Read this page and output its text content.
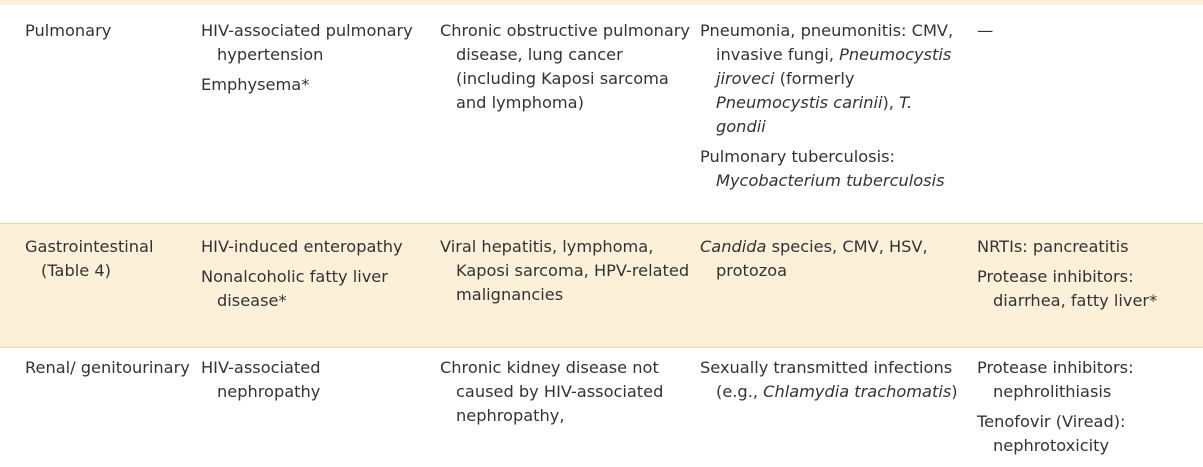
Pulmonary	HIV-associated pulmonary hypertension
Emphysema*
Chronic obstructive pulmonary disease, lung cancer (including Kaposi sarcoma and lymphoma)
Pneumonia, pneumonitis: CMV, invasive fungi, Pneumocystis jiroveci (formerly Pneumocystis carinii), T. gondii
Pulmonary tuberculosis: Mycobacterium tuberculosis
—
Gastrointestinal (Table 4)
HIV-induced enteropathy
Nonalcoholic fatty liver disease*
Viral hepatitis, lymphoma, Kaposi sarcoma, HPV-related malignancies
Candida species, CMV, HSV, protozoa
NRTIs: pancreatitis
Protease inhibitors: diarrhea, fatty liver*
Renal/ genitourinary HIV-associated nephropathy
Chronic kidney disease not caused by HIV-associated nephropathy,
Sexually transmitted infections (e.g., Chlamydia trachomatis)
Protease inhibitors: nephrolithiasis
Tenofovir (Viread): nephrotoxicity
